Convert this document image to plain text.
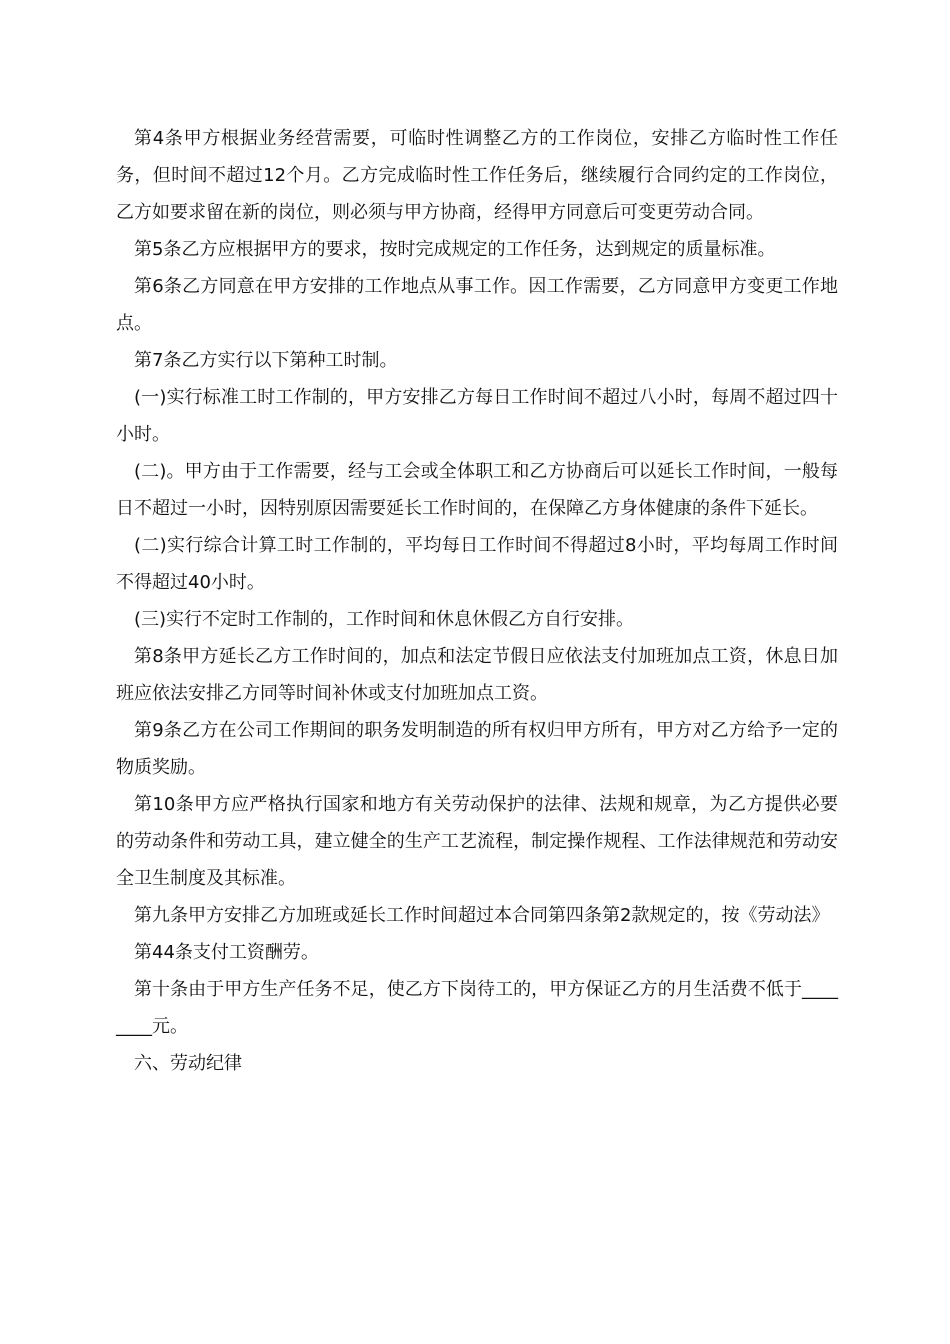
第4条甲方根据业务经营需要，可临时性调整乙方的工作岗位，安排乙方临时性工作任务，但时间不超过12个月。乙方完成临时性工作任务后，继续履行合同约定的工作岗位，乙方如要求留在新的岗位，则必须与甲方协商，经得甲方同意后可变更劳动合同。

第5条乙方应根据甲方的要求，按时完成规定的工作任务，达到规定的质量标准。

第6条乙方同意在甲方安排的工作地点从事工作。因工作需要，乙方同意甲方变更工作地点。

第7条乙方实行以下第种工时制。

(一)实行标准工时工作制的，甲方安排乙方每日工作时间不超过八小时，每周不超过四十小时。

(二)。甲方由于工作需要，经与工会或全体职工和乙方协商后可以延长工作时间，一般每日不超过一小时，因特别原因需要延长工作时间的，在保障乙方身体健康的条件下延长。

(二)实行综合计算工时工作制的，平均每日工作时间不得超过8小时，平均每周工作时间不得超过40小时。

(三)实行不定时工作制的，工作时间和休息休假乙方自行安排。

第8条甲方延长乙方工作时间的，加点和法定节假日应依法支付加班加点工资，休息日加班应依法安排乙方同等时间补休或支付加班加点工资。

第9条乙方在公司工作期间的职务发明制造的所有权归甲方所有，甲方对乙方给予一定的物质奖励。

第10条甲方应严格执行国家和地方有关劳动保护的法律、法规和规章，为乙方提供必要的劳动条件和劳动工具，建立健全的生产工艺流程，制定操作规程、工作法律规范和劳动安全卫生制度及其标准。

第九条甲方安排乙方加班或延长工作时间超过本合同第四条第2款规定的，按《劳动法》

第44条支付工资酬劳。

第十条由于甲方生产任务不足，使乙方下岗待工的，甲方保证乙方的月生活费不低于________元。

六、劳动纪律
